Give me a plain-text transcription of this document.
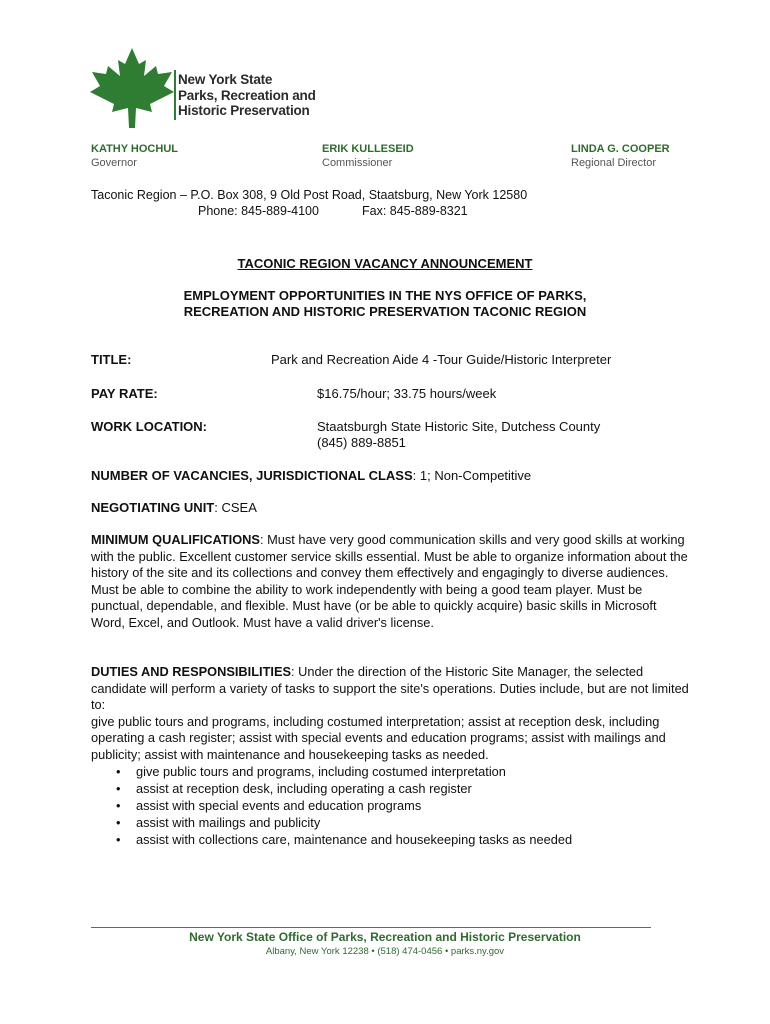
New York State
Parks, Recreation and
Historic Preservation
KATHY HOCHUL
Governor
ERIK KULLESEID
Commissioner
LINDA G. COOPER
Regional Director
Taconic Region – P.O. Box 308, 9 Old Post Road, Staatsburg, New York 12580
Phone: 845-889-4100	Fax: 845-889-8321
TACONIC REGION VACANCY ANNOUNCEMENT
EMPLOYMENT OPPORTUNITIES IN THE NYS OFFICE OF PARKS,
RECREATION AND HISTORIC PRESERVATION TACONIC REGION
TITLE:	Park and Recreation Aide 4 -Tour Guide/Historic Interpreter
PAY RATE:	$16.75/hour; 33.75 hours/week
WORK LOCATION:	Staatsburgh State Historic Site, Dutchess County
(845) 889-8851
NUMBER OF VACANCIES, JURISDICTIONAL CLASS: 1; Non-Competitive
NEGOTIATING UNIT: CSEA
MINIMUM QUALIFICATIONS: Must have very good communication skills and very good skills at working with the public. Excellent customer service skills essential. Must be able to organize information about the history of the site and its collections and convey them effectively and engagingly to diverse audiences. Must be able to combine the ability to work independently with being a good team player. Must be punctual, dependable, and flexible. Must have (or be able to quickly acquire) basic skills in Microsoft Word, Excel, and Outlook. Must have a valid driver's license.
DUTIES AND RESPONSIBILITIES: Under the direction of the Historic Site Manager, the selected candidate will perform a variety of tasks to support the site's operations. Duties include, but are not limited to:
give public tours and programs, including costumed interpretation; assist at reception desk, including operating a cash register; assist with special events and education programs; assist with mailings and publicity; assist with maintenance and housekeeping tasks as needed.
• give public tours and programs, including costumed interpretation
• assist at reception desk, including operating a cash register
• assist with special events and education programs
• assist with mailings and publicity
• assist with collections care, maintenance and housekeeping tasks as needed
New York State Office of Parks, Recreation and Historic Preservation
Albany, New York 12238 • (518) 474-0456 • parks.ny.gov
